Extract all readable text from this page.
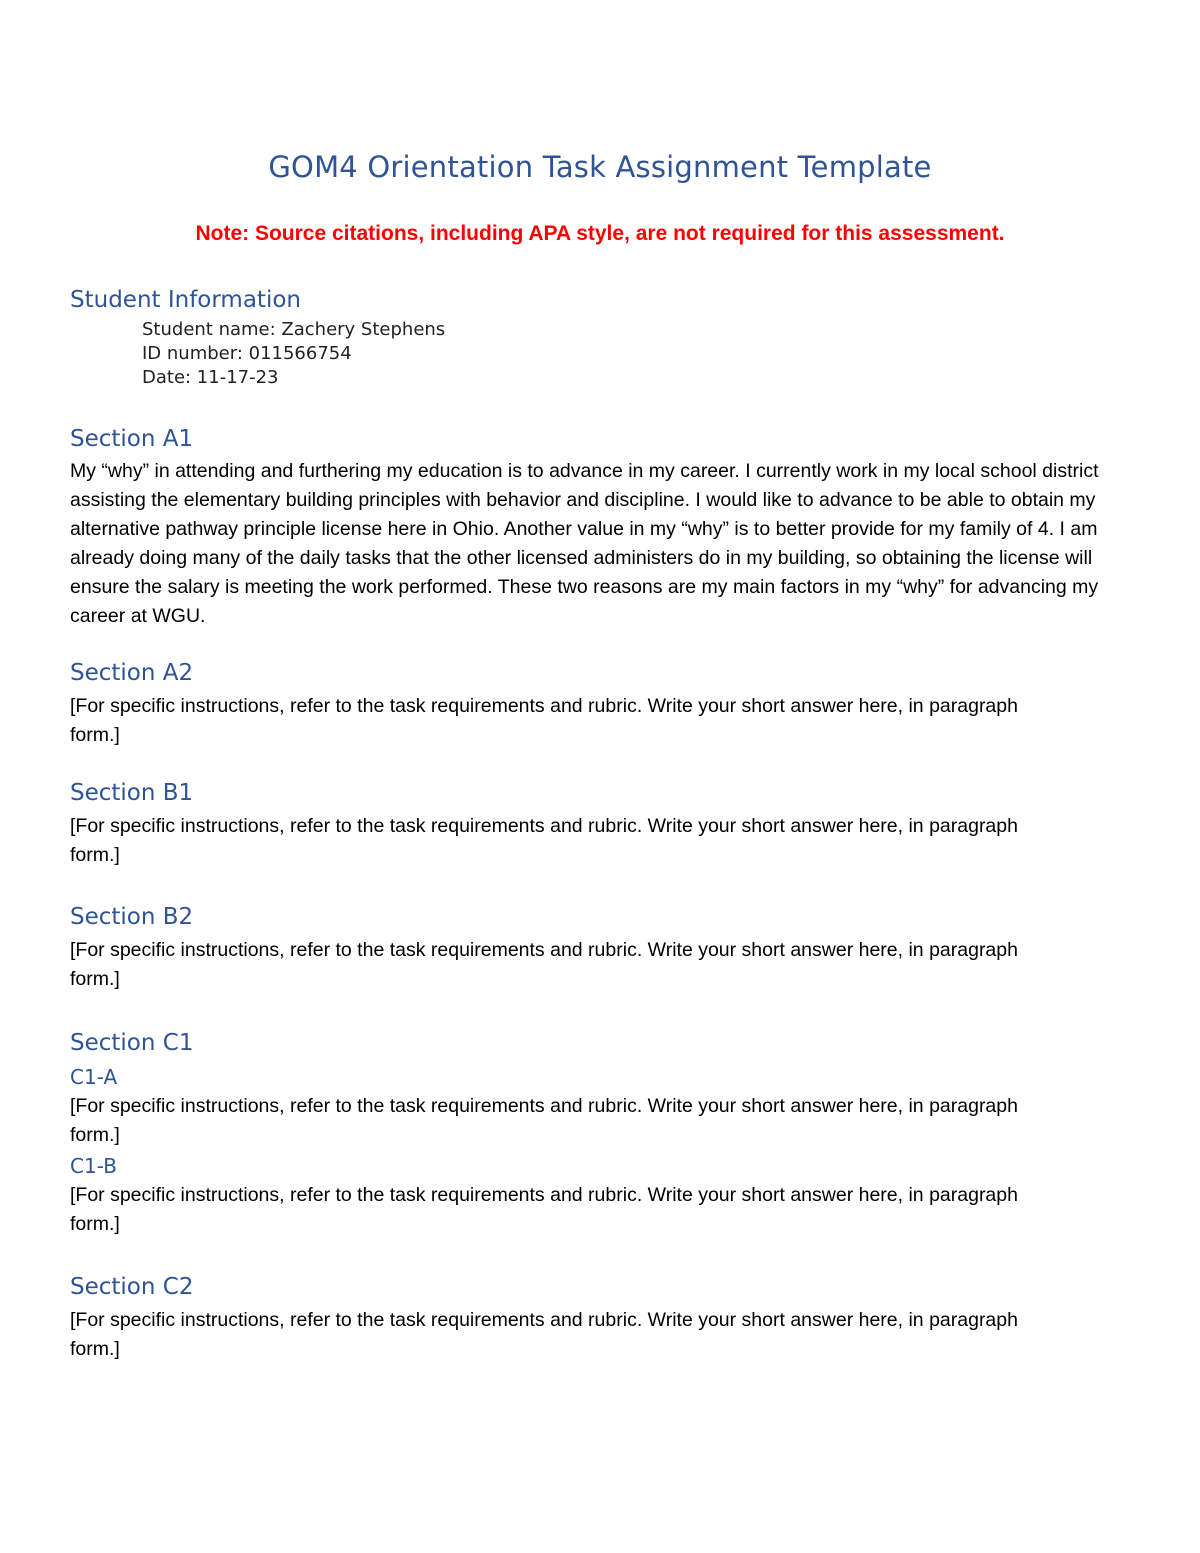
GOM4 Orientation Task Assignment Template
Note: Source citations, including APA style, are not required for this assessment.
Student Information
Student name: Zachery Stephens
ID number: 011566754
Date: 11-17-23
Section A1

My “why” in attending and furthering my education is to advance in my career. I currently work in my local school district assisting the elementary building principles with behavior and discipline. I would like to advance to be able to obtain my alternative pathway principle license here in Ohio. Another value in my “why” is to better provide for my family of 4. I am already doing many of the daily tasks that the other licensed administers do in my building, so obtaining the license will ensure the salary is meeting the work performed. These two reasons are my main factors in my “why” for advancing my career at WGU.

Section A2

[For specific instructions, refer to the task requirements and rubric. Write your short answer here, in paragraph form.]

Section B1

[For specific instructions, refer to the task requirements and rubric. Write your short answer here, in paragraph form.]

Section B2

[For specific instructions, refer to the task requirements and rubric. Write your short answer here, in paragraph form.]

Section C1
C1-A

[For specific instructions, refer to the task requirements and rubric. Write your short answer here, in paragraph form.]

C1-B

[For specific instructions, refer to the task requirements and rubric. Write your short answer here, in paragraph form.]

Section C2

[For specific instructions, refer to the task requirements and rubric. Write your short answer here, in paragraph form.]
